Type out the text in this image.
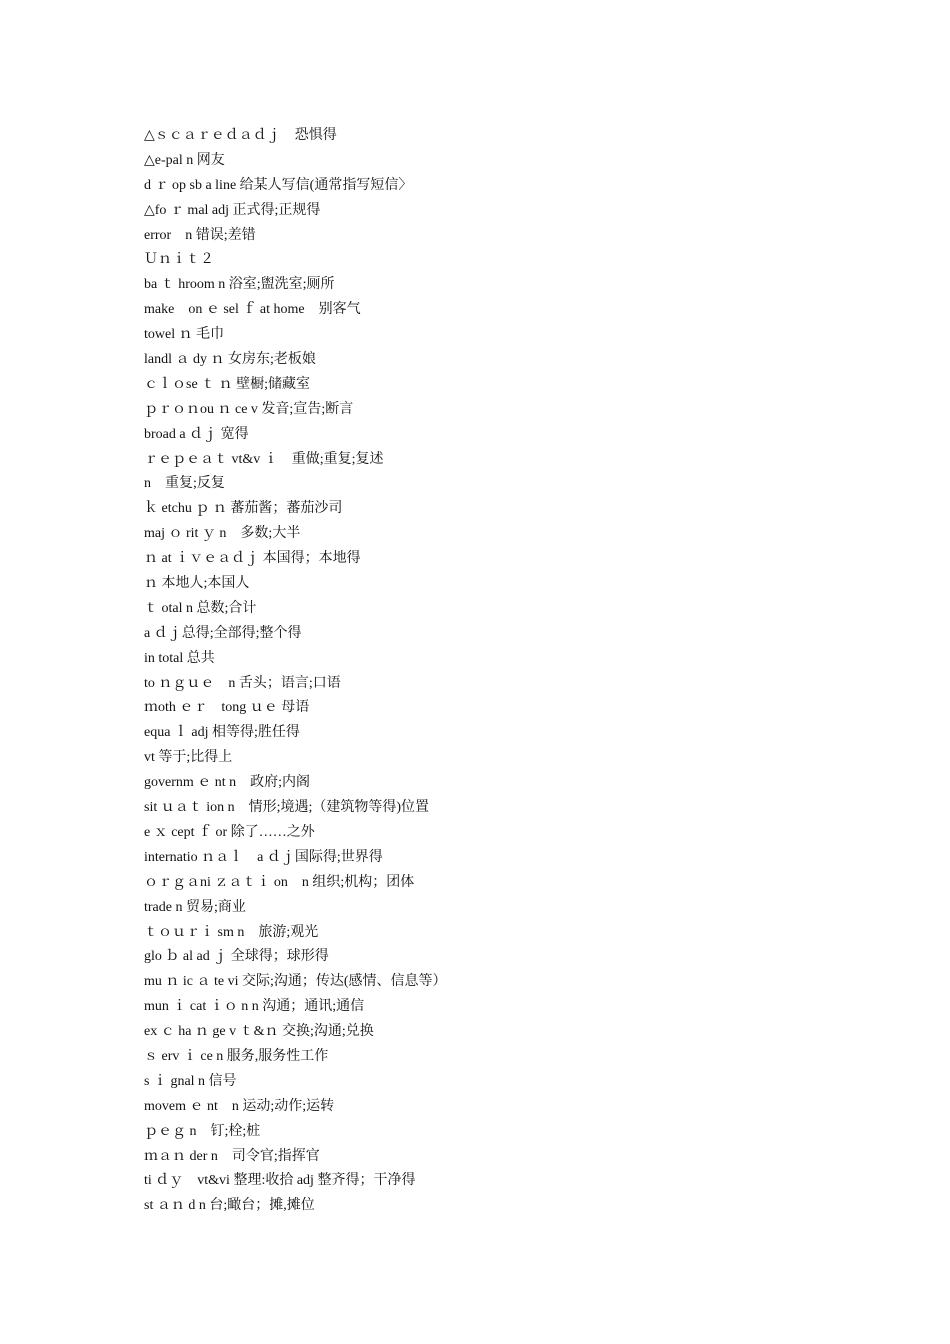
△ｓｃａｒｅｄａｄｊ　恐惧得
△e-pal n 网友
d ｒ op sb a line 给某人写信(通常指写短信〉
△fo ｒ mal adj 正式得;正规得
error　n 错误;差错
Ｕｎｉｔ２
ba ｔ hroom n 浴室;盥洗室;厕所
make　on ｅ sel ｆ at home　别客气
towel ｎ 毛巾
landl ａ dy ｎ 女房东;老板娘
ｃｌｏse ｔ ｎ 壁橱;储藏室
ｐｒｏｎou ｎ ce v 发音;宣告;断言
broad a ｄｊ 宽得
ｒｅｐｅａｔ vt&v ｉ　重做;重复;复述
n　重复;反复
ｋ etchu ｐ ｎ 蕃茄酱；蕃茄沙司
maj ｏ rit ｙ n　多数;大半
ｎ at ｉｖｅａｄｊ 本国得；本地得
ｎ 本地人;本国人
ｔ otal n 总数;合计
a ｄｊ总得;全部得;整个得
in total 总共
to ｎｇｕｅ　n 舌头；语言;口语
ｍoth ｅｒ　tong ｕｅ 母语
equa ｌ adj 相等得;胜任得
vt 等于;比得上
governm ｅ nt n　政府;内阁
sit ｕａｔ ion n　情形;境遇;（建筑物等得)位置
e ｘ cept ｆ or 除了……之外
internatio ｎａｌ　a ｄｊ国际得;世界得
ｏｒｇａni ｚａｔｉ on　n 组织;机构；团体
trade n 贸易;商业
ｔｏｕｒｉ sm n　旅游;观光
glo ｂ al ad ｊ 全球得；球形得
mu ｎ ic ａ te vi 交际;沟通；传达(感情、信息等）
mun ｉ cat ｉｏ n n 沟通；通讯;通信
ex ｃ ha ｎ ge v ｔ&ｎ 交换;沟通;兑换
ｓ erv ｉ ce n 服务,服务性工作
s ｉ gnal n 信号
movem ｅ nt　n 运动;动作;运转
ｐｅｇ n　钉;栓;桩
ｍａｎ der n　司令官;指挥官
ti ｄｙ　vt&vi 整理:收拾 adj 整齐得；干净得
st ａｎ d n 台;瞰台；摊,摊位
